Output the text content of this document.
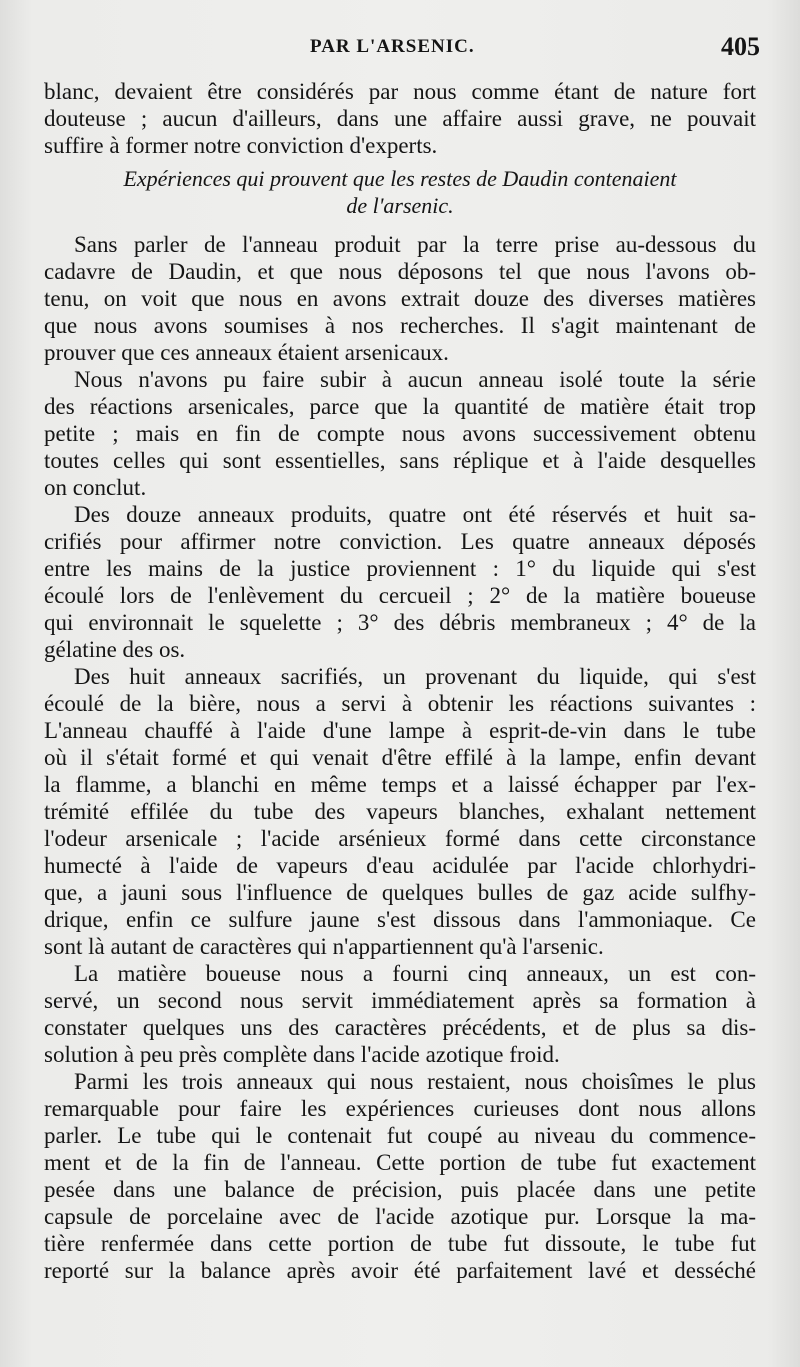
PAR L'ARSENIC.	405
blanc, devaient être considérés par nous comme étant de nature fort
douteuse ; aucun d'ailleurs, dans une affaire aussi grave, ne pouvait
suffire à former notre conviction d'experts.
Expériences qui prouvent que les restes de Daudin contenaient
de l'arsenic.
Sans parler de l'anneau produit par la terre prise au-dessous du
cadavre de Daudin, et que nous déposons tel que nous l'avons ob-
tenu, on voit que nous en avons extrait douze des diverses matières
que nous avons soumises à nos recherches. Il s'agit maintenant de
prouver que ces anneaux étaient arsenicaux.
Nous n'avons pu faire subir à aucun anneau isolé toute la série
des réactions arsenicales, parce que la quantité de matière était trop
petite ; mais en fin de compte nous avons successivement obtenu
toutes celles qui sont essentielles, sans réplique et à l'aide desquelles
on conclut.
Des douze anneaux produits, quatre ont été réservés et huit sa-
crifiés pour affirmer notre conviction. Les quatre anneaux déposés
entre les mains de la justice proviennent : 1° du liquide qui s'est
écoulé lors de l'enlèvement du cercueil ; 2° de la matière boueuse
qui environnait le squelette ; 3° des débris membraneux ; 4° de la
gélatine des os.
Des huit anneaux sacrifiés, un provenant du liquide, qui s'est
écoulé de la bière, nous a servi à obtenir les réactions suivantes :
L'anneau chauffé à l'aide d'une lampe à esprit-de-vin dans le tube
où il s'était formé et qui venait d'être effilé à la lampe, enfin devant
la flamme, a blanchi en même temps et a laissé échapper par l'ex-
trémité effilée du tube des vapeurs blanches, exhalant nettement
l'odeur arsenicale ; l'acide arsénieux formé dans cette circonstance
humecté à l'aide de vapeurs d'eau acidulée par l'acide chlorhydri-
que, a jauni sous l'influence de quelques bulles de gaz acide sulfhy-
drique, enfin ce sulfure jaune s'est dissous dans l'ammoniaque. Ce
sont là autant de caractères qui n'appartiennent qu'à l'arsenic.
La matière boueuse nous a fourni cinq anneaux, un est con-
servé, un second nous servit immédiatement après sa formation à
constater quelques uns des caractères précédents, et de plus sa dis-
solution à peu près complète dans l'acide azotique froid.
Parmi les trois anneaux qui nous restaient, nous choisîmes le plus
remarquable pour faire les expériences curieuses dont nous allons
parler. Le tube qui le contenait fut coupé au niveau du commence-
ment et de la fin de l'anneau. Cette portion de tube fut exactement
pesée dans une balance de précision, puis placée dans une petite
capsule de porcelaine avec de l'acide azotique pur. Lorsque la ma-
tière renfermée dans cette portion de tube fut dissoute, le tube fut
reporté sur la balance après avoir été parfaitement lavé et desséché
